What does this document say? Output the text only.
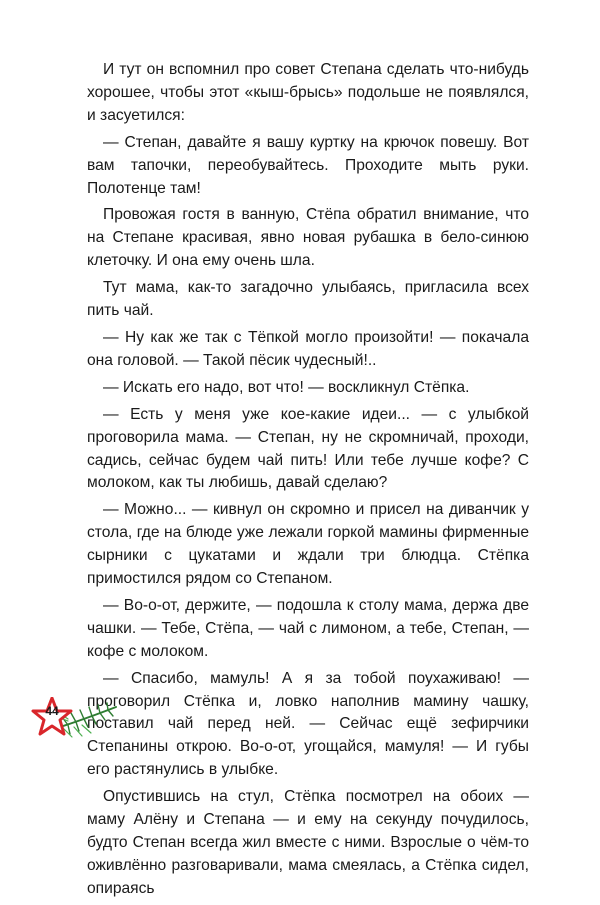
И тут он вспомнил про совет Степана сделать что-нибудь хорошее, чтобы этот «кыш-брысь» подольше не появлялся, и засуетился:

— Степан, давайте я вашу куртку на крючок повешу. Вот вам тапочки, переобувайтесь. Проходите мыть руки. Полотенце там!

Провожая гостя в ванную, Стёпа обратил внимание, что на Степане красивая, явно новая рубашка в бело-синюю клеточку. И она ему очень шла.

Тут мама, как-то загадочно улыбаясь, пригласила всех пить чай.

— Ну как же так с Тёпкой могло произойти! — покачала она головой. — Такой пёсик чудесный!..

— Искать его надо, вот что! — воскликнул Стёпка.

— Есть у меня уже кое-какие идеи... — с улыбкой проговорила мама. — Степан, ну не скромничай, проходи, садись, сейчас будем чай пить! Или тебе лучше кофе? С молоком, как ты любишь, давай сделаю?

— Можно... — кивнул он скромно и присел на диванчик у стола, где на блюде уже лежали горкой мамины фирменные сырники с цукатами и ждали три блюдца. Стёпка примостился рядом со Степаном.

— Во-о-от, держите, — подошла к столу мама, держа две чашки. — Тебе, Стёпа, — чай с лимоном, а тебе, Степан, — кофе с молоком.

— Спасибо, мамуль! А я за тобой поухаживаю! — проговорил Стёпка и, ловко наполнив мамину чашку, поставил чай перед ней. — Сейчас ещё зефирчики Степанины открою. Во-о-от, угощайся, мамуля! — И губы его растянулись в улыбке.

Опустившись на стул, Стёпка посмотрел на обоих — маму Алёну и Степана — и ему на секунду почудилось, будто Степан всегда жил вместе с ними. Взрослые о чём-то оживлённо разговаривали, мама смеялась, а Стёпка сидел, опираясь

44
